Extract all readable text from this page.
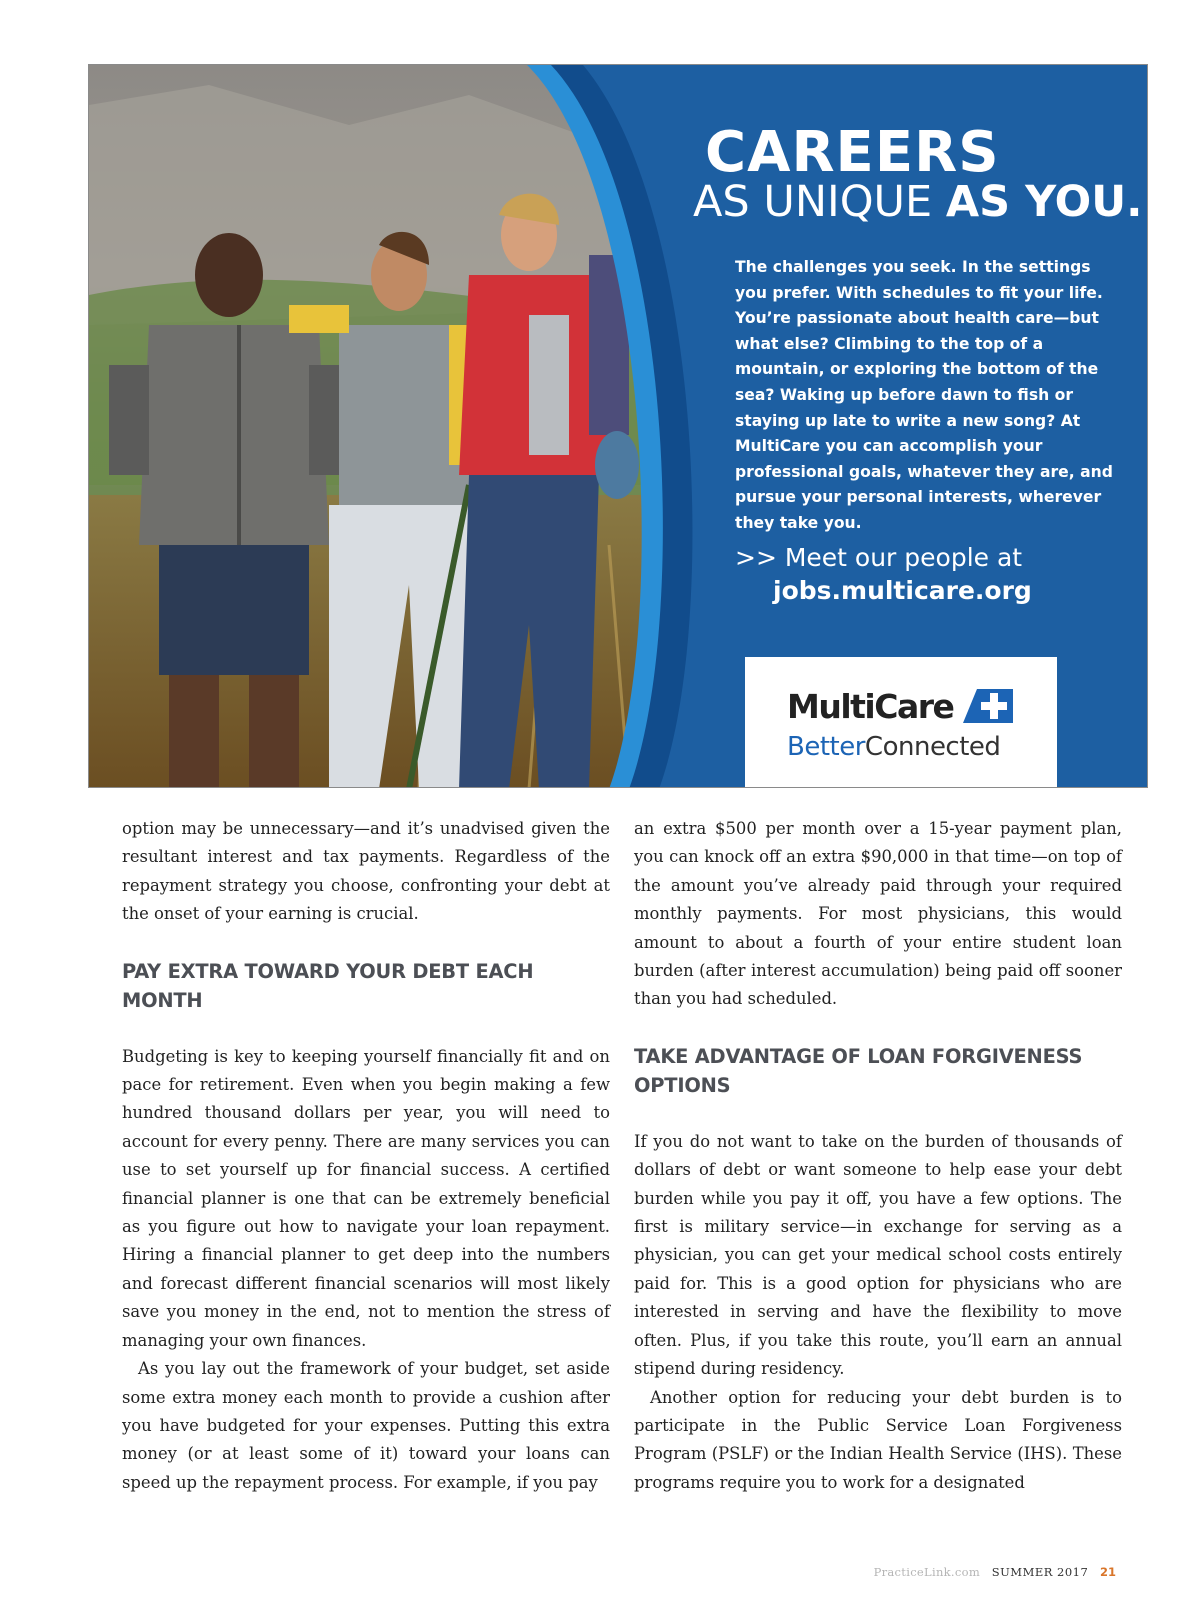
CAREERS
AS UNIQUE AS YOU.
The challenges you seek. In the settings you prefer. With schedules to fit your life. You’re passionate about health care—but what else? Climbing to the top of a mountain, or exploring the bottom of the sea? Waking up before dawn to fish or staying up late to write a new song? At MultiCare you can accomplish your professional goals, whatever they are, and pursue your personal interests, wherever they take you.
>> Meet our people at
jobs.multicare.org
MultiCare
BetterConnected

option may be unnecessary—and it’s unadvised given the resultant interest and tax payments. Regardless of the repayment strategy you choose, confronting your debt at the onset of your earning is crucial.

PAY EXTRA TOWARD YOUR DEBT EACH MONTH

Budgeting is key to keeping yourself financially fit and on pace for retirement. Even when you begin making a few hundred thousand dollars per year, you will need to account for every penny. There are many services you can use to set yourself up for financial success. A certified financial planner is one that can be extremely beneficial as you figure out how to navigate your loan repayment. Hiring a financial planner to get deep into the numbers and forecast different financial scenarios will most likely save you money in the end, not to mention the stress of managing your own finances.

As you lay out the framework of your budget, set aside some extra money each month to provide a cushion after you have budgeted for your expenses. Putting this extra money (or at least some of it) toward your loans can speed up the repayment process. For example, if you pay

an extra $500 per month over a 15-year payment plan, you can knock off an extra $90,000 in that time—on top of the amount you’ve already paid through your required monthly payments. For most physicians, this would amount to about a fourth of your entire student loan burden (after interest accumulation) being paid off sooner than you had scheduled.

TAKE ADVANTAGE OF LOAN FORGIVENESS OPTIONS

If you do not want to take on the burden of thousands of dollars of debt or want someone to help ease your debt burden while you pay it off, you have a few options. The first is military service—in exchange for serving as a physician, you can get your medical school costs entirely paid for. This is a good option for physicians who are interested in serving and have the flexibility to move often. Plus, if you take this route, you’ll earn an annual stipend during residency.

Another option for reducing your debt burden is to participate in the Public Service Loan Forgiveness Program (PSLF) or the Indian Health Service (IHS). These programs require you to work for a designated

PracticeLink.com SUMMER 2017 21
